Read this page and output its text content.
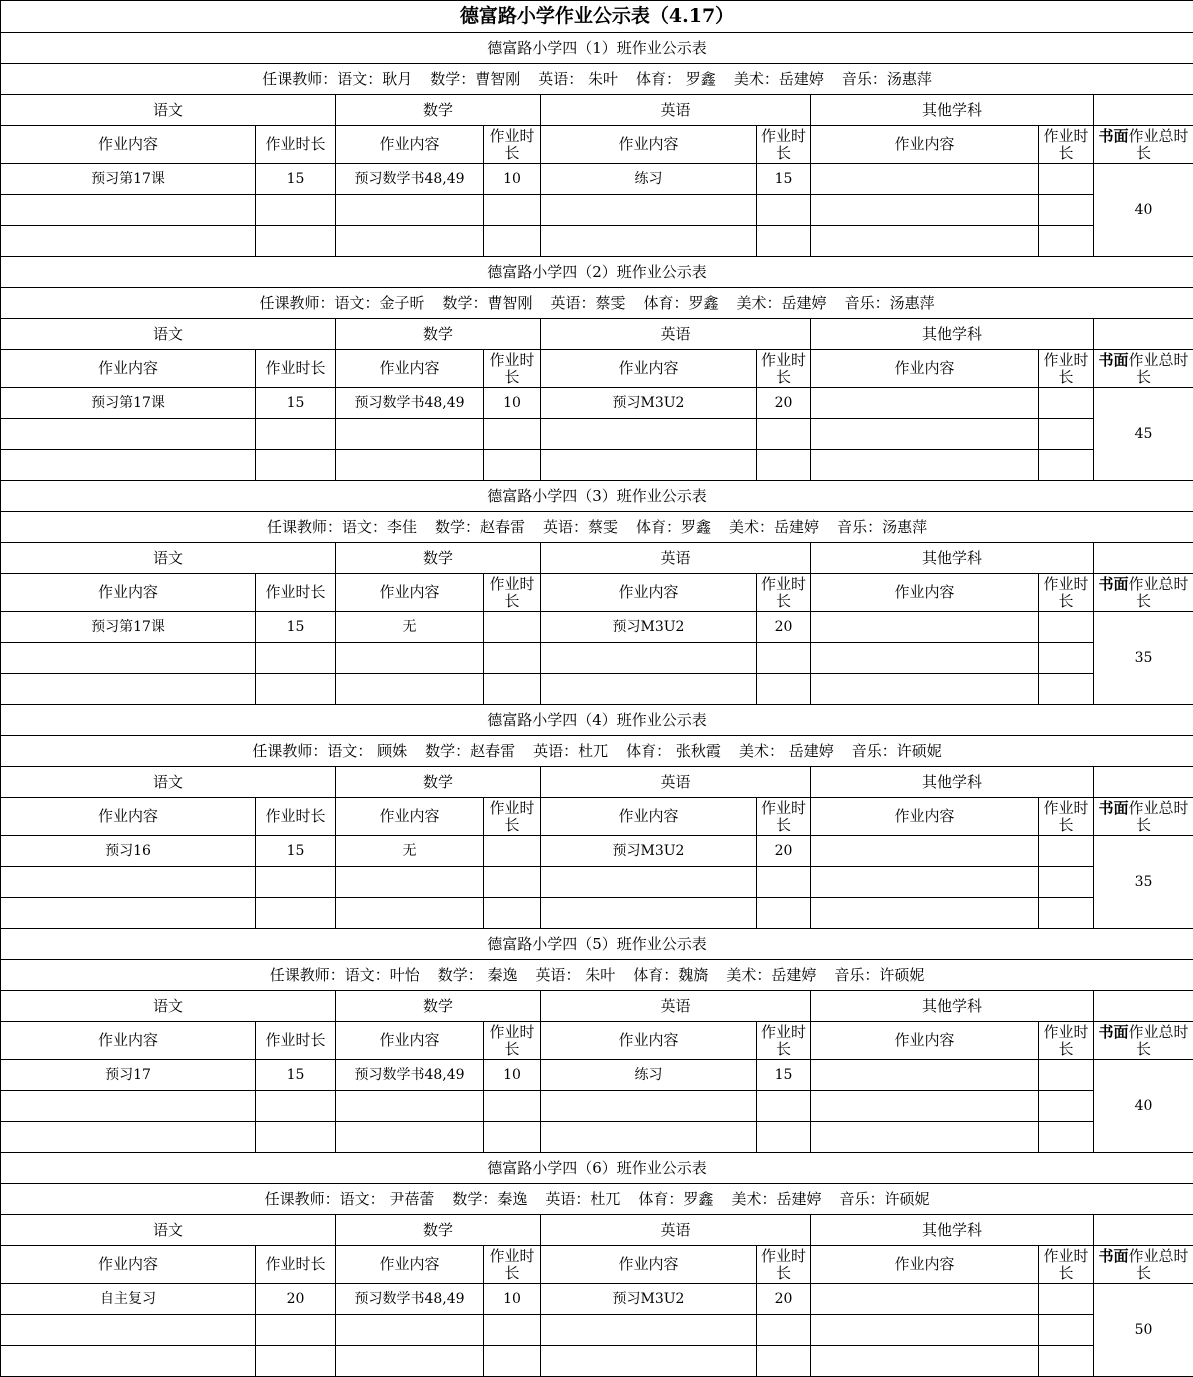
德富路小学作业公示表（4.17）								
德富路小学四（1）班作业公示表								
任课教师：语文：耿月 数学：曹智刚 英语： 朱叶 体育： 罗鑫 美术：岳建婷 音乐：汤惠萍								
语文		数学		英语		其他学科		
作业内容	作业时长	作业内容	作业时长	作业内容	作业时长	作业内容	作业时长	书面作业总时长
预习第17课	15	预习数学书48,49	10	练习	15			40

德富路小学四（2）班作业公示表								
任课教师：语文：金子昕 数学：曹智刚 英语：蔡雯 体育：罗鑫 美术：岳建婷 音乐：汤惠萍								
语文		数学		英语		其他学科		
作业内容	作业时长	作业内容	作业时长	作业内容	作业时长	作业内容	作业时长	书面作业总时长
预习第17课	15	预习数学书48,49	10	预习M3U2	20			45

德富路小学四（3）班作业公示表								
任课教师：语文：李佳 数学：赵春雷 英语：蔡雯 体育：罗鑫 美术：岳建婷 音乐：汤惠萍								
语文		数学		英语		其他学科		
作业内容	作业时长	作业内容	作业时长	作业内容	作业时长	作业内容	作业时长	书面作业总时长
预习第17课	15	无		预习M3U2	20			35

德富路小学四（4）班作业公示表								
任课教师：语文： 顾姝 数学：赵春雷 英语：杜兀 体育： 张秋霞 美术： 岳建婷 音乐：许硕妮								
语文		数学		英语		其他学科		
作业内容	作业时长	作业内容	作业时长	作业内容	作业时长	作业内容	作业时长	书面作业总时长
预习16	15	无		预习M3U2	20			35

德富路小学四（5）班作业公示表								
任课教师：语文：叶怡 数学： 秦逸 英语： 朱叶 体育：魏旖 美术：岳建婷 音乐：许硕妮								
语文		数学		英语		其他学科		
作业内容	作业时长	作业内容	作业时长	作业内容	作业时长	作业内容	作业时长	书面作业总时长
预习17	15	预习数学书48,49	10	练习	15			40

德富路小学四（6）班作业公示表								
任课教师：语文： 尹蓓蕾 数学：秦逸 英语：杜兀 体育：罗鑫 美术：岳建婷 音乐：许硕妮								
语文		数学		英语		其他学科		
作业内容	作业时长	作业内容	作业时长	作业内容	作业时长	作业内容	作业时长	书面作业总时长
自主复习	20	预习数学书48,49	10	预习M3U2	20			50
